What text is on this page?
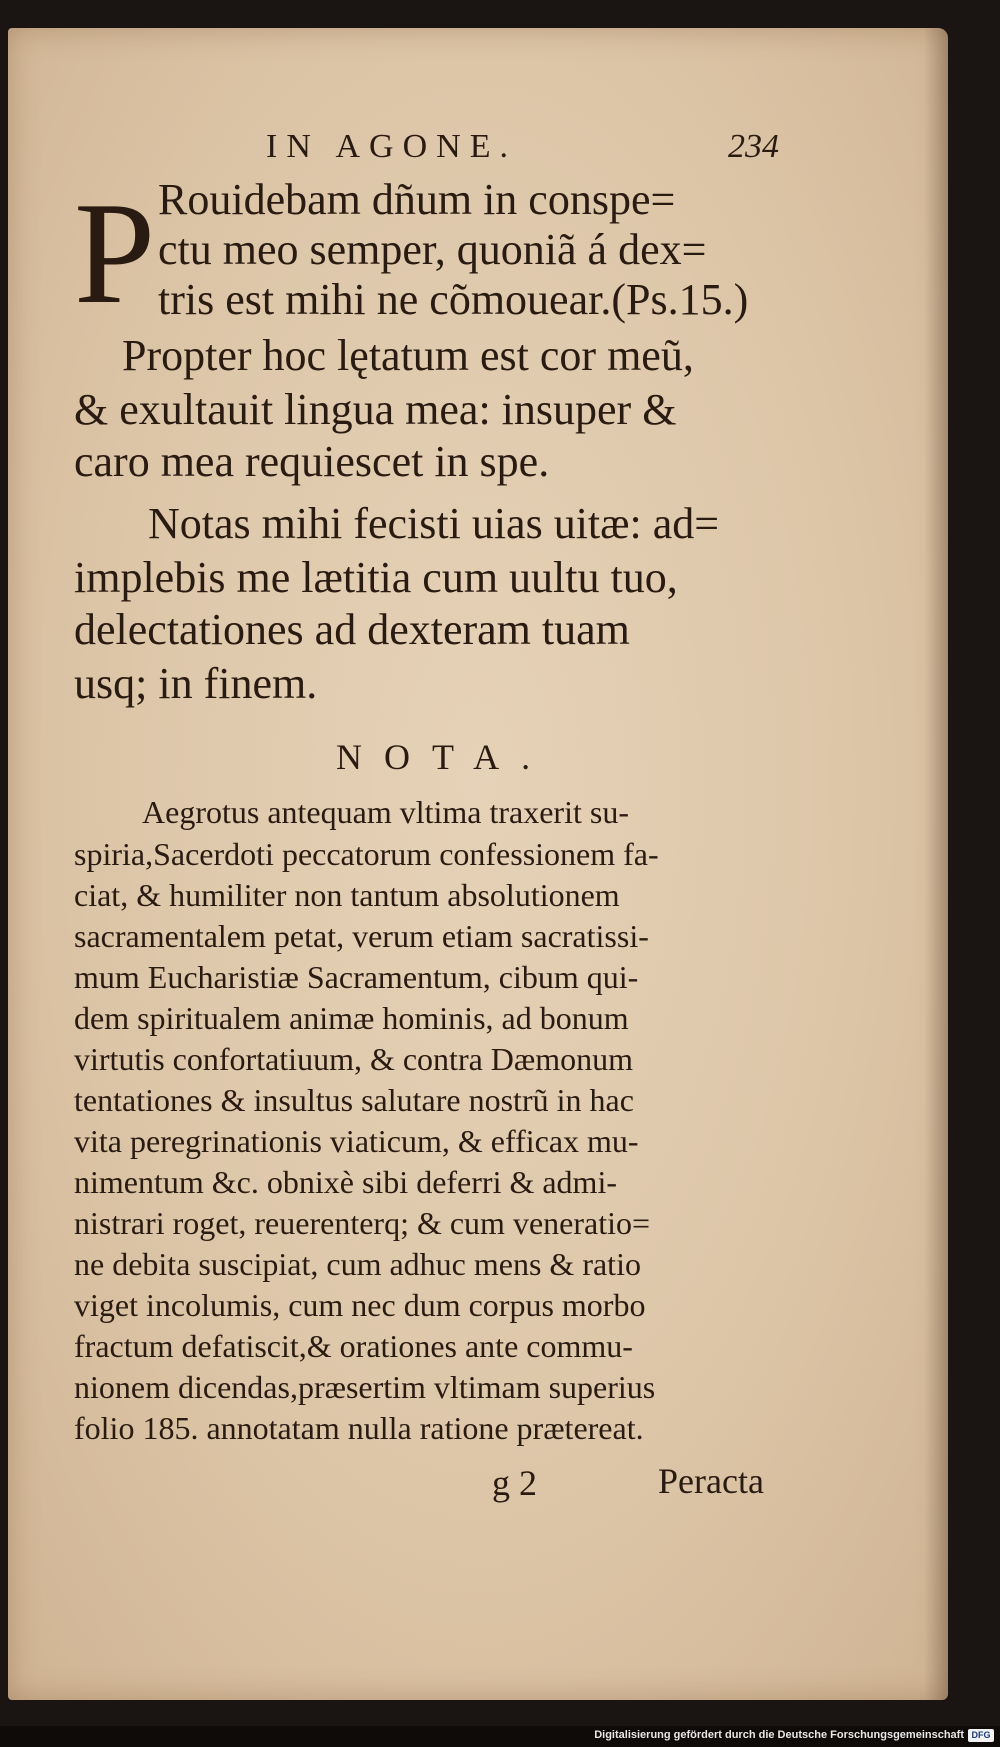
IN AGONE.	234
P Rouidebam dñum in conspe=
ctu meo semper, quoniã á dex=
tris est mihi ne cõmouear.(Ps.15.)
Propter hoc lętatum est cor meũ,
& exultauit lingua mea: insuper &
caro mea requiescet in spe.
Notas mihi fecisti uias uitæ: ad=
implebis me lætitia cum uultu tuo,
delectationes ad dexteram tuam
usq; in finem.
NOTA.
Aegrotus antequam vltima traxerit su-
spiria,Sacerdoti peccatorum confessionem fa-
ciat, & humiliter non tantum absolutionem
sacramentalem petat, verum etiam sacratissi-
mum Eucharistiæ Sacramentum, cibum qui-
dem spiritualem animæ hominis, ad bonum
virtutis confortatiuum, & contra Dæmonum
tentationes & insultus salutare nostrũ in hac
vita peregrinationis viaticum, & efficax mu-
nimentum &c. obnixè sibi deferri & admi-
nistrari roget, reuerenterq; & cum veneratio=
ne debita suscipiat, cum adhuc mens & ratio
viget incolumis, cum nec dum corpus morbo
fractum defatiscit,& orationes ante commu-
nionem dicendas,præsertim vltimam superius
folio 185. annotatam nulla ratione prætereat.
g 2	Peracta
Digitalisierung gefördert durch die Deutsche Forschungsgemeinschaft DFG
